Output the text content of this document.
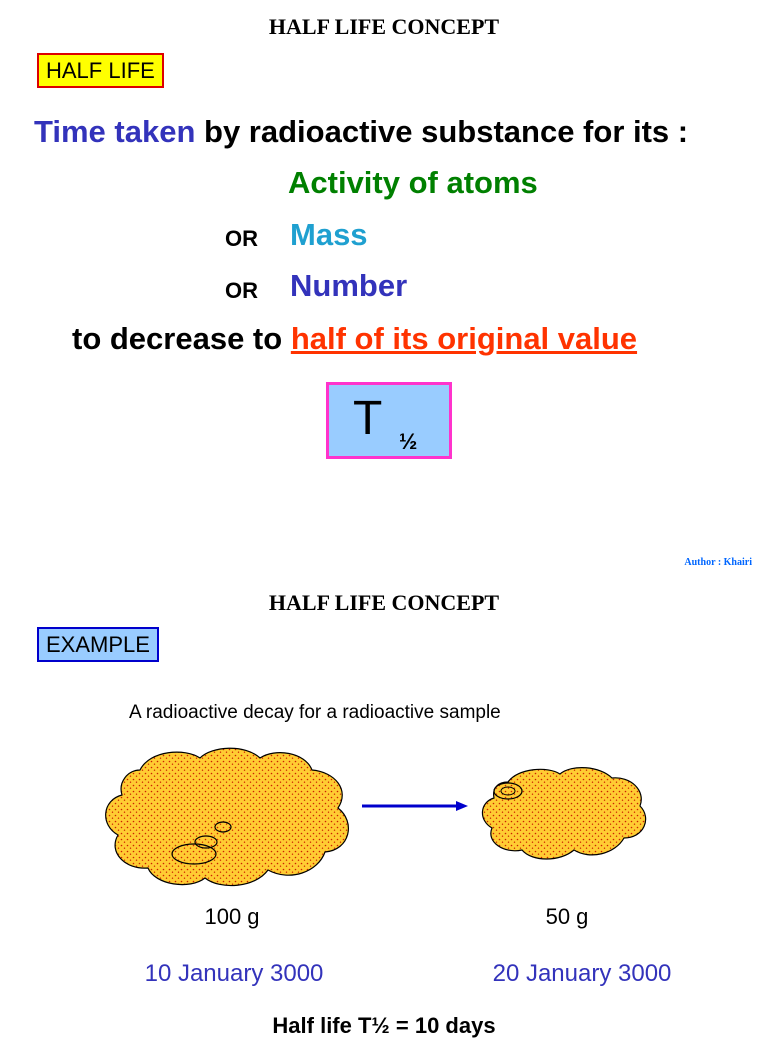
HALF LIFE CONCEPT
HALF LIFE
Time taken by radioactive substance for its :
Activity of atoms
OR Mass
OR Number
to decrease to half of its original value
T ½
Author : Khairi
HALF LIFE CONCEPT
EXAMPLE
A radioactive decay for a radioactive sample
100 g	50 g
10 January 3000	20 January 3000
Half life T½ = 10 days
